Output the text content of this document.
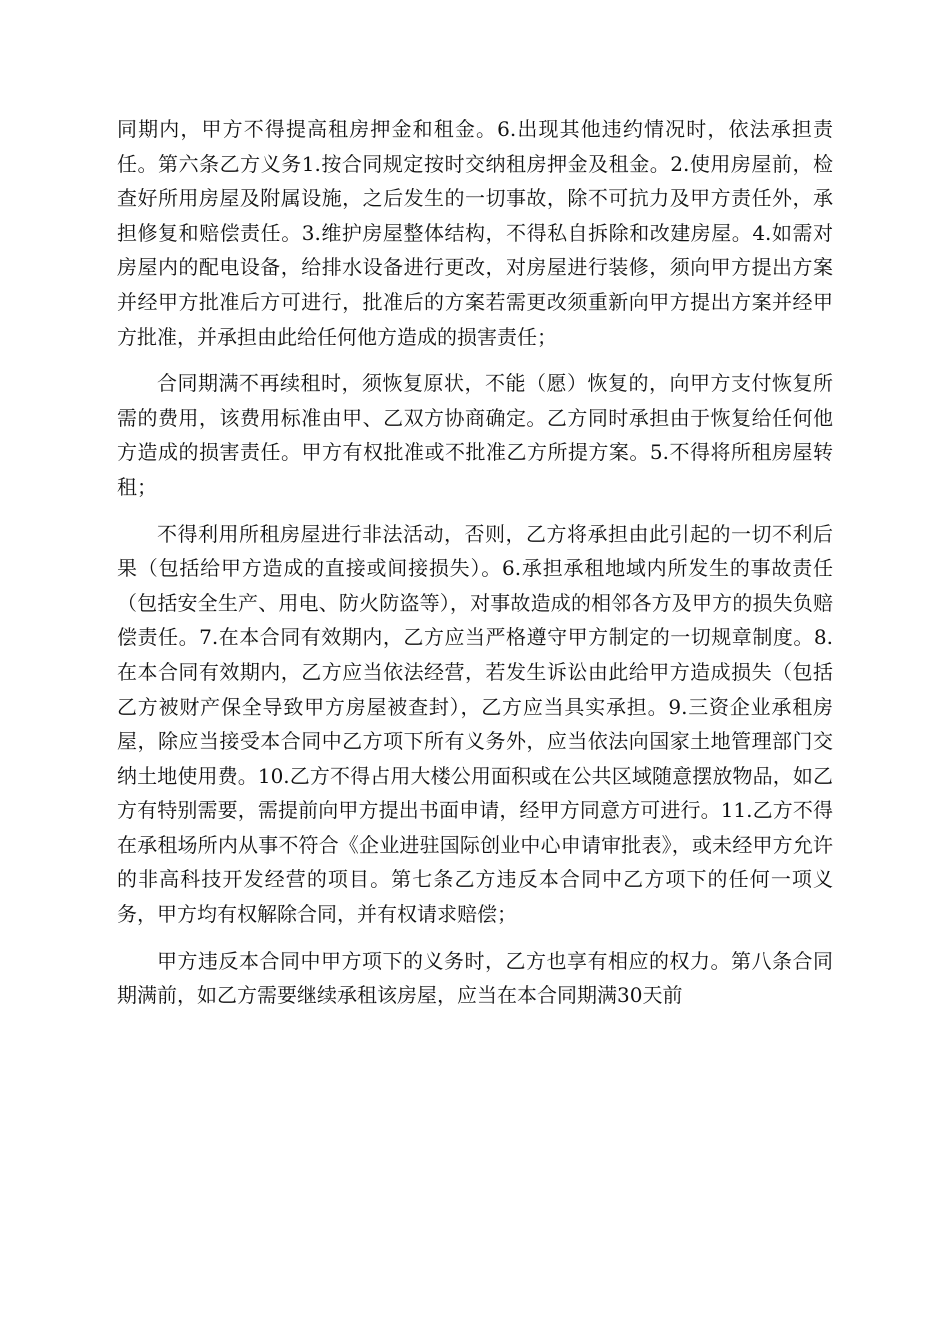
同期内，甲方不得提高租房押金和租金。6.出现其他违约情况时，依法承担责任。第六条乙方义务1.按合同规定按时交纳租房押金及租金。2.使用房屋前，检查好所用房屋及附属设施，之后发生的一切事故，除不可抗力及甲方责任外，承担修复和赔偿责任。3.维护房屋整体结构，不得私自拆除和改建房屋。4.如需对房屋内的配电设备，给排水设备进行更改，对房屋进行装修，须向甲方提出方案并经甲方批准后方可进行，批准后的方案若需更改须重新向甲方提出方案并经甲方批准，并承担由此给任何他方造成的损害责任；

合同期满不再续租时，须恢复原状，不能（愿）恢复的，向甲方支付恢复所需的费用，该费用标准由甲、乙双方协商确定。乙方同时承担由于恢复给任何他方造成的损害责任。甲方有权批准或不批准乙方所提方案。5.不得将所租房屋转租；

不得利用所租房屋进行非法活动，否则，乙方将承担由此引起的一切不利后果（包括给甲方造成的直接或间接损失）。6.承担承租地域内所发生的事故责任（包括安全生产、用电、防火防盗等），对事故造成的相邻各方及甲方的损失负赔偿责任。7.在本合同有效期内，乙方应当严格遵守甲方制定的一切规章制度。8.在本合同有效期内，乙方应当依法经营，若发生诉讼由此给甲方造成损失（包括乙方被财产保全导致甲方房屋被查封），乙方应当具实承担。9.三资企业承租房屋，除应当接受本合同中乙方项下所有义务外，应当依法向国家土地管理部门交纳土地使用费。10.乙方不得占用大楼公用面积或在公共区域随意摆放物品，如乙方有特别需要，需提前向甲方提出书面申请，经甲方同意方可进行。11.乙方不得在承租场所内从事不符合《企业进驻国际创业中心申请审批表》，或未经甲方允许的非高科技开发经营的项目。第七条乙方违反本合同中乙方项下的任何一项义务，甲方均有权解除合同，并有权请求赔偿；

甲方违反本合同中甲方项下的义务时，乙方也享有相应的权力。第八条合同期满前，如乙方需要继续承租该房屋，应当在本合同期满30天前
